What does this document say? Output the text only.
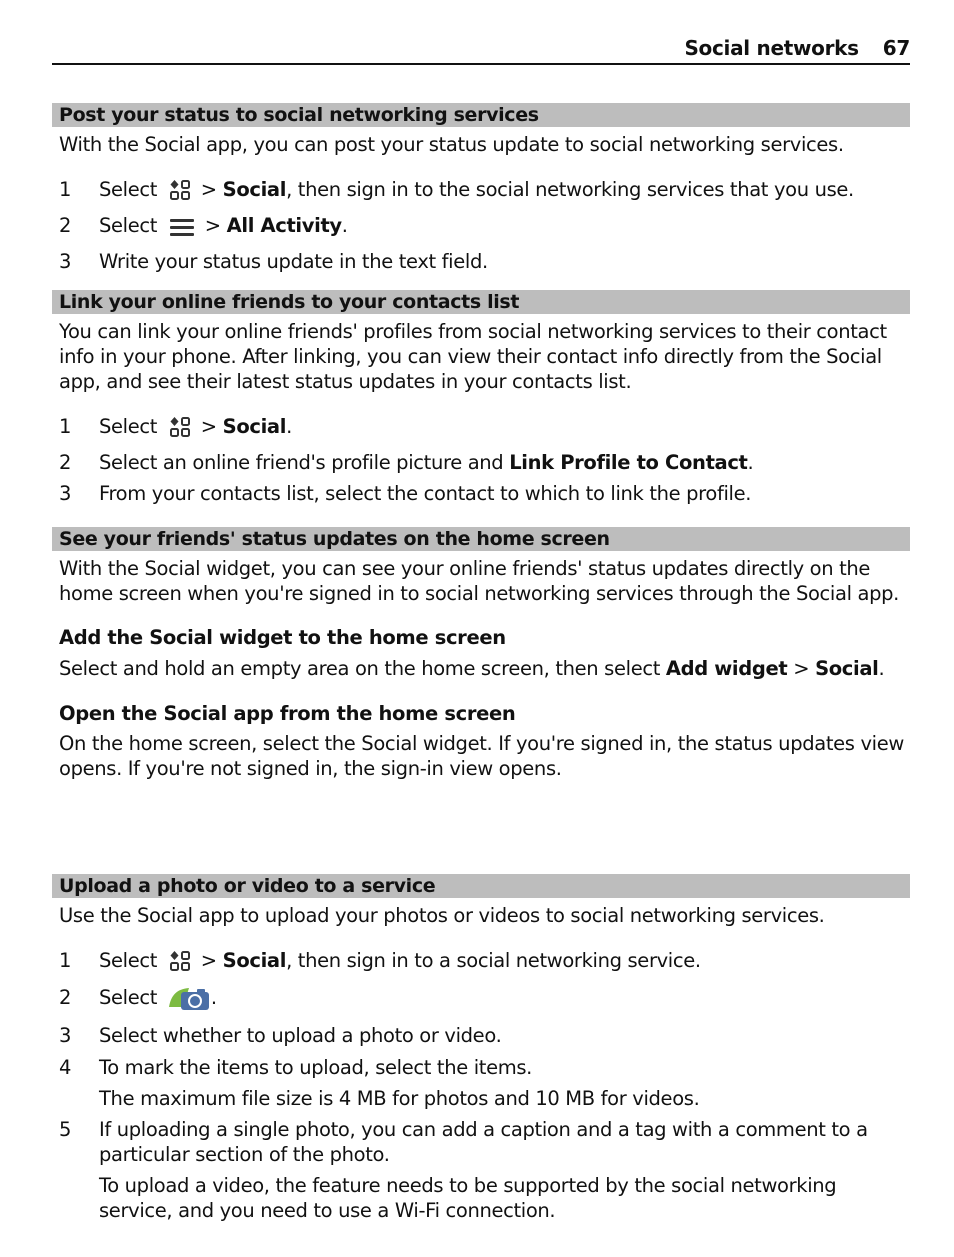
Social networks 67
Post your status to social networking services
With the Social app, you can post your status update to social networking services.
1 Select > Social, then sign in to the social networking services that you use.
2 Select > All Activity.
3 Write your status update in the text field.
Link your online friends to your contacts list
You can link your online friends' profiles from social networking services to their contact info in your phone. After linking, you can view their contact info directly from the Social app, and see their latest status updates in your contacts list.
1 Select > Social.
2 Select an online friend's profile picture and Link Profile to Contact.
3 From your contacts list, select the contact to which to link the profile.
See your friends' status updates on the home screen
With the Social widget, you can see your online friends' status updates directly on the home screen when you're signed in to social networking services through the Social app.
Add the Social widget to the home screen
Select and hold an empty area on the home screen, then select Add widget > Social.
Open the Social app from the home screen
On the home screen, select the Social widget. If you're signed in, the status updates view opens. If you're not signed in, the sign-in view opens.
Upload a photo or video to a service
Use the Social app to upload your photos or videos to social networking services.
1 Select > Social, then sign in to a social networking service.
2 Select	.
3 Select whether to upload a photo or video.
4 To mark the items to upload, select the items.
The maximum file size is 4 MB for photos and 10 MB for videos.
5 If uploading a single photo, you can add a caption and a tag with a comment to a particular section of the photo.
To upload a video, the feature needs to be supported by the social networking service, and you need to use a Wi-Fi connection.
